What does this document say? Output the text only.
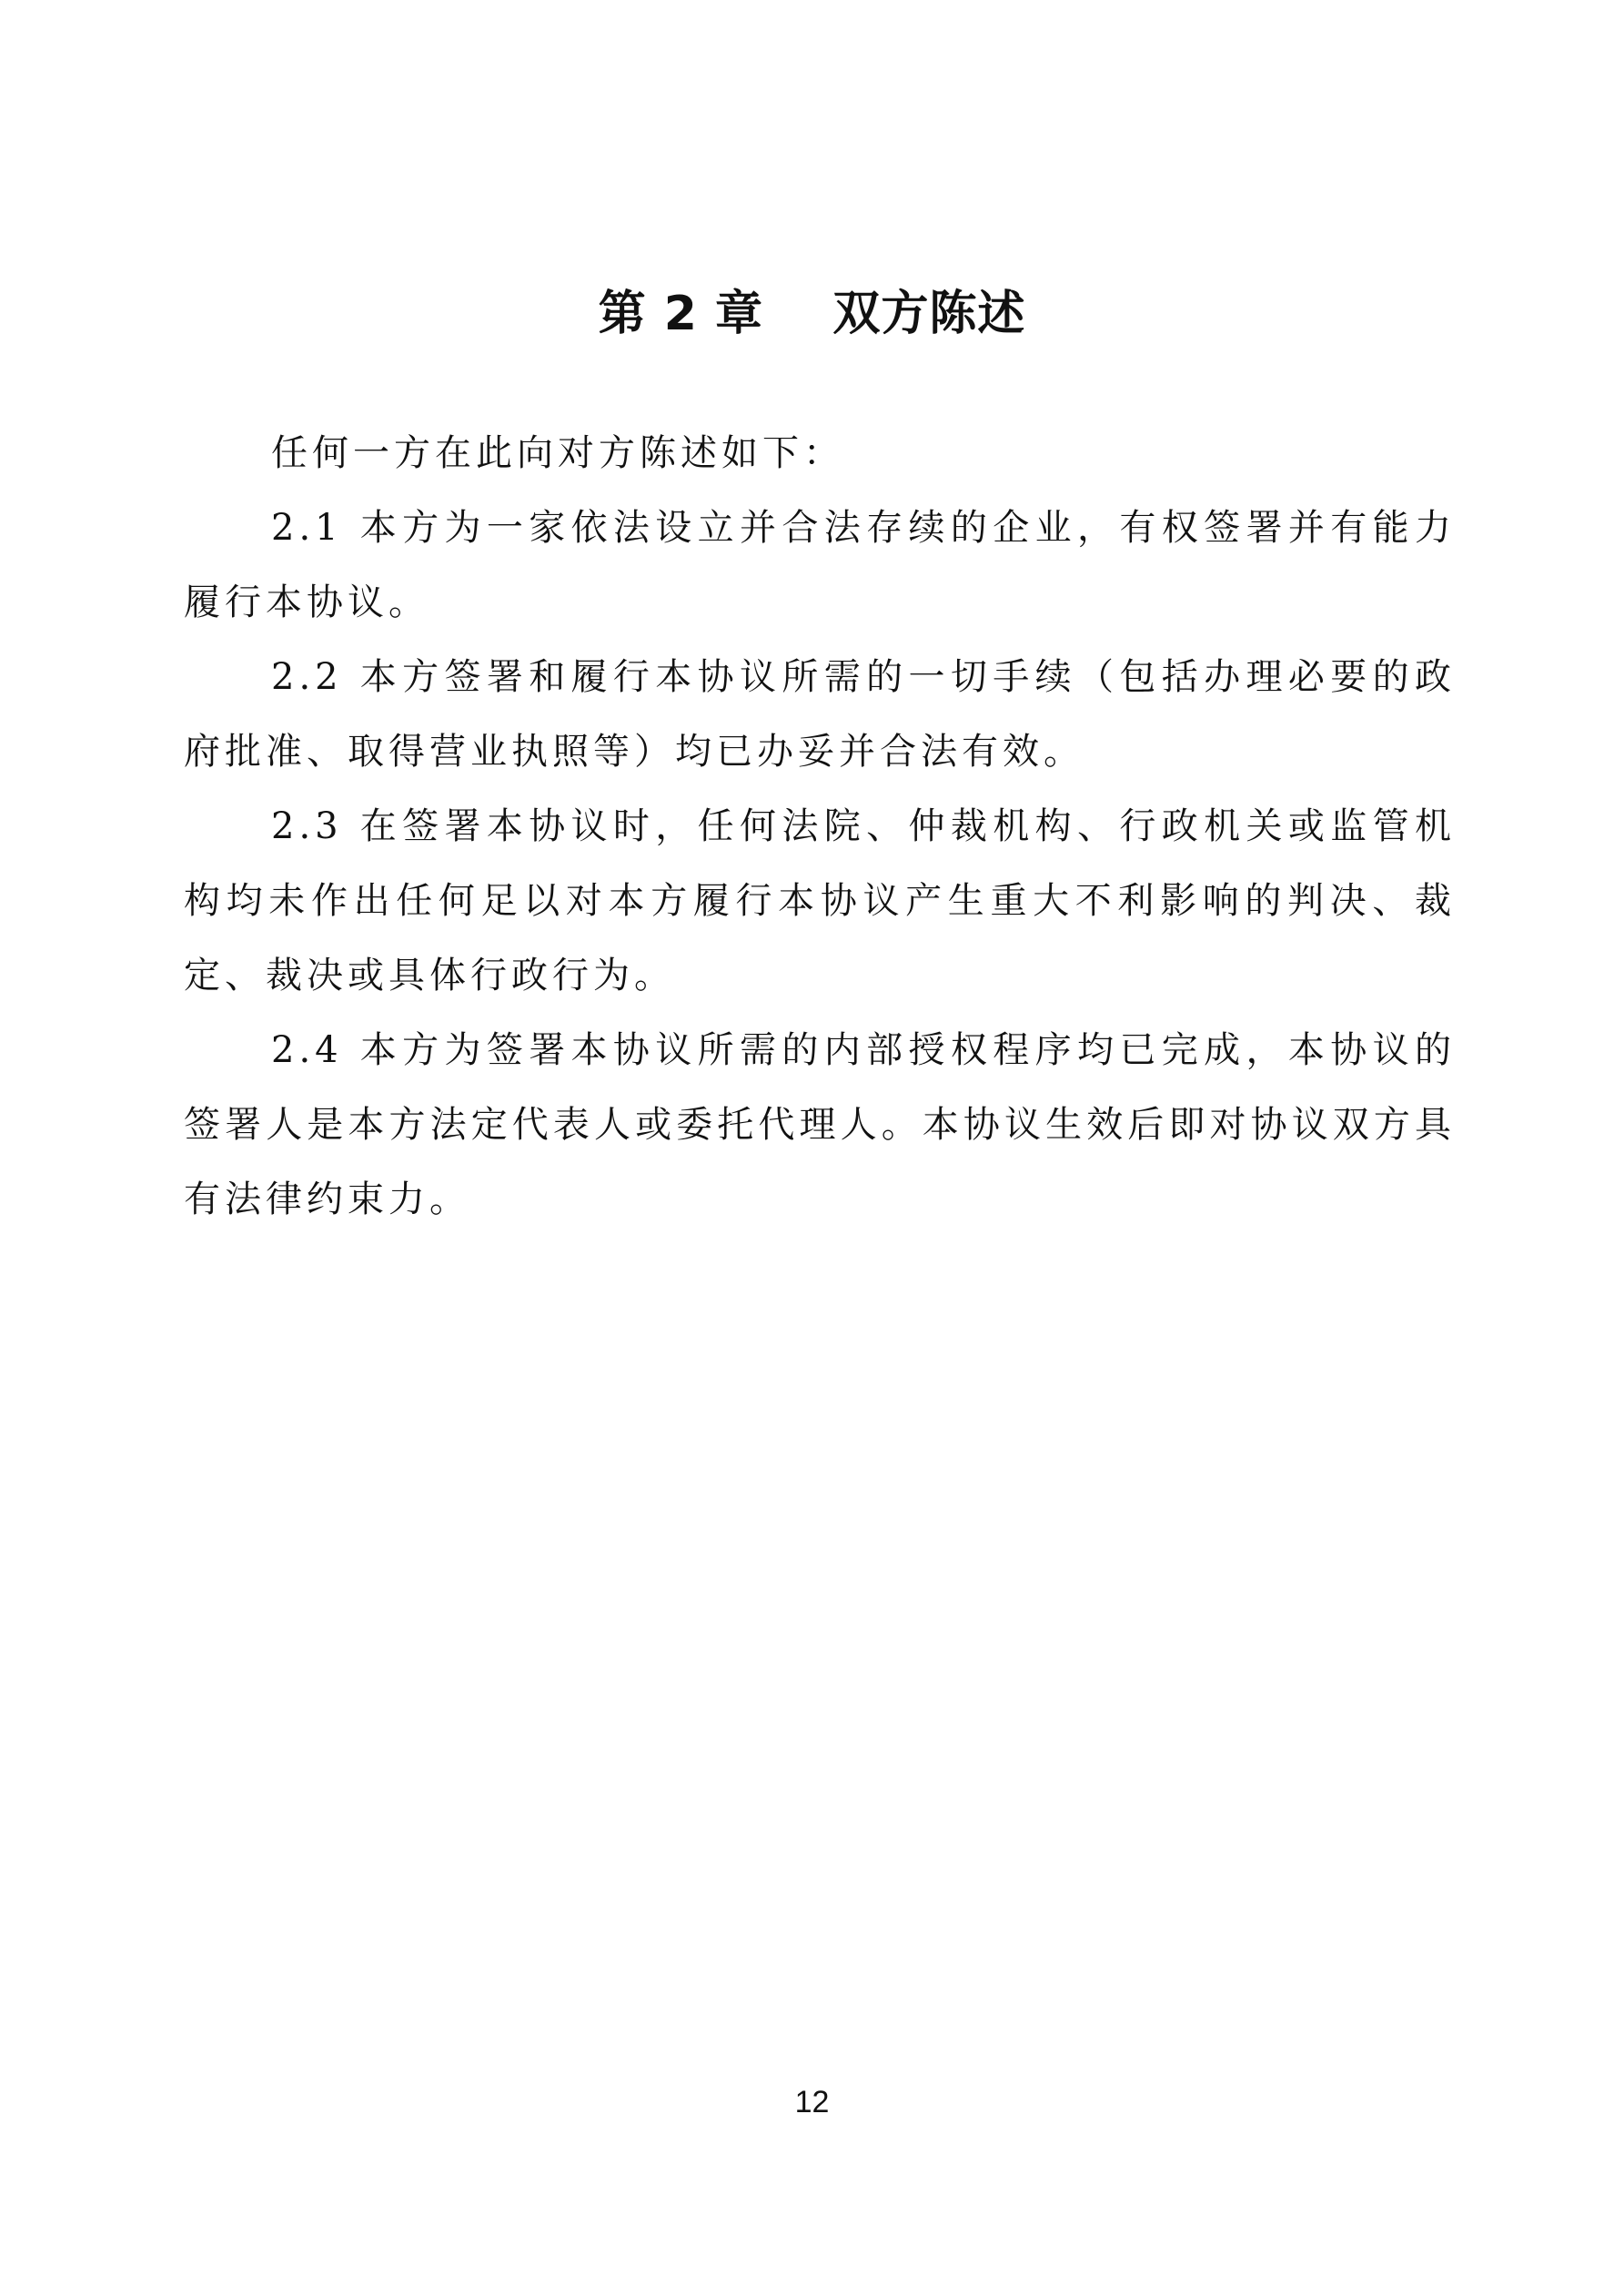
第 2 章    双方陈述

任何一方在此向对方陈述如下：

2.1 本方为一家依法设立并合法存续的企业，有权签署并有能力履行本协议。

2.2 本方签署和履行本协议所需的一切手续（包括办理必要的政府批准、取得营业执照等）均已办妥并合法有效。

2.3 在签署本协议时，任何法院、仲裁机构、行政机关或监管机构均未作出任何足以对本方履行本协议产生重大不利影响的判决、裁定、裁决或具体行政行为。

2.4 本方为签署本协议所需的内部授权程序均已完成，本协议的签署人是本方法定代表人或委托代理人。本协议生效后即对协议双方具有法律约束力。

12
